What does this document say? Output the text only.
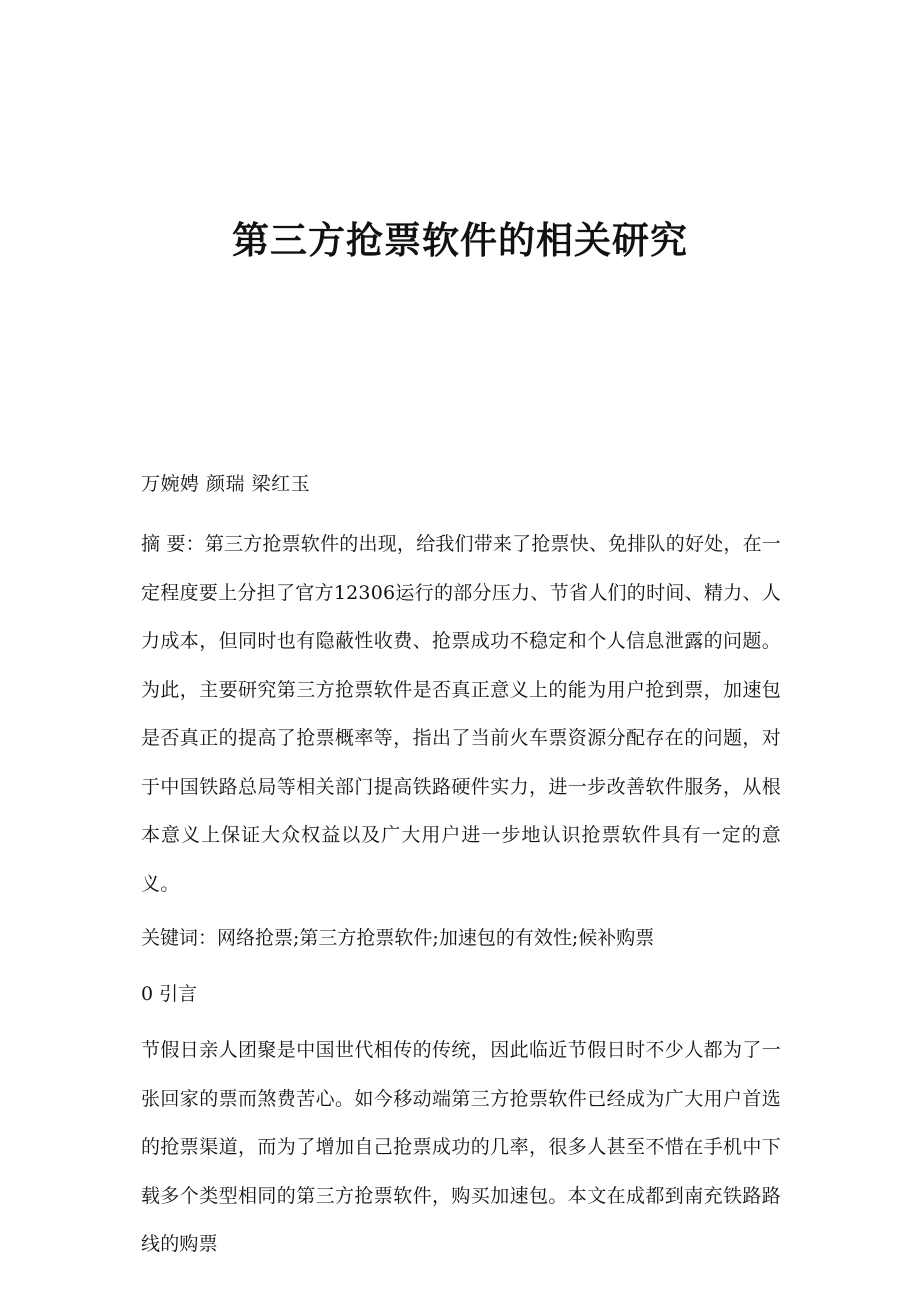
第三方抢票软件的相关研究

万婉娉 颜瑞 梁红玉

摘 要：第三方抢票软件的出现，给我们带来了抢票快、免排队的好处，在一定程度要上分担了官方12306运行的部分压力、节省人们的时间、精力、人力成本，但同时也有隐蔽性收费、抢票成功不稳定和个人信息泄露的问题。为此，主要研究第三方抢票软件是否真正意义上的能为用户抢到票，加速包是否真正的提高了抢票概率等，指出了当前火车票资源分配存在的问题，对于中国铁路总局等相关部门提高铁路硬件实力，进一步改善软件服务，从根本意义上保证大众权益以及广大用户进一步地认识抢票软件具有一定的意义。

关键词：网络抢票;第三方抢票软件;加速包的有效性;候补购票

0 引言

节假日亲人团聚是中国世代相传的传统，因此临近节假日时不少人都为了一张回家的票而煞费苦心。如今移动端第三方抢票软件已经成为广大用户首选的抢票渠道，而为了增加自己抢票成功的几率，很多人甚至不惜在手机中下载多个类型相同的第三方抢票软件，购买加速包。本文在成都到南充铁路路线的购票
